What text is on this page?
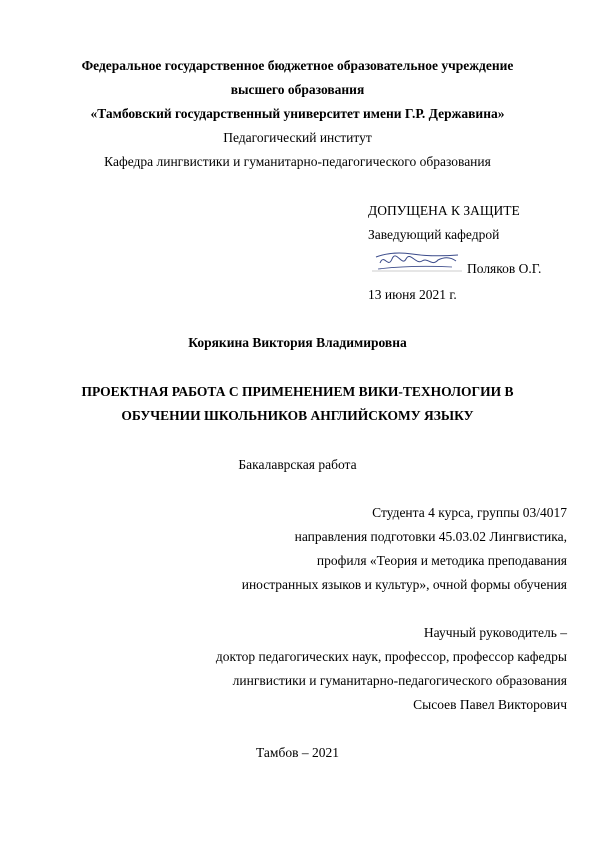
Федеральное государственное бюджетное образовательное учреждение
высшего образования
«Тамбовский государственный университет имени Г.Р. Державина»
Педагогический институт
Кафедра лингвистики и гуманитарно-педагогического образования
ДОПУЩЕНА К ЗАЩИТЕ
Заведующий кафедрой
Поляков О.Г.
13 июня 2021 г.
Корякина Виктория Владимировна
ПРОЕКТНАЯ РАБОТА С ПРИМЕНЕНИЕМ ВИКИ-ТЕХНОЛОГИИ В
ОБУЧЕНИИ ШКОЛЬНИКОВ АНГЛИЙСКОМУ ЯЗЫКУ
Бакалаврская работа
Студента 4 курса, группы 03/4017
направления подготовки 45.03.02 Лингвистика,
профиля «Теория и методика преподавания
иностранных языков и культур», очной формы обучения
Научный руководитель –
доктор педагогических наук, профессор, профессор кафедры
лингвистики и гуманитарно-педагогического образования
Сысоев Павел Викторович
Тамбов – 2021
